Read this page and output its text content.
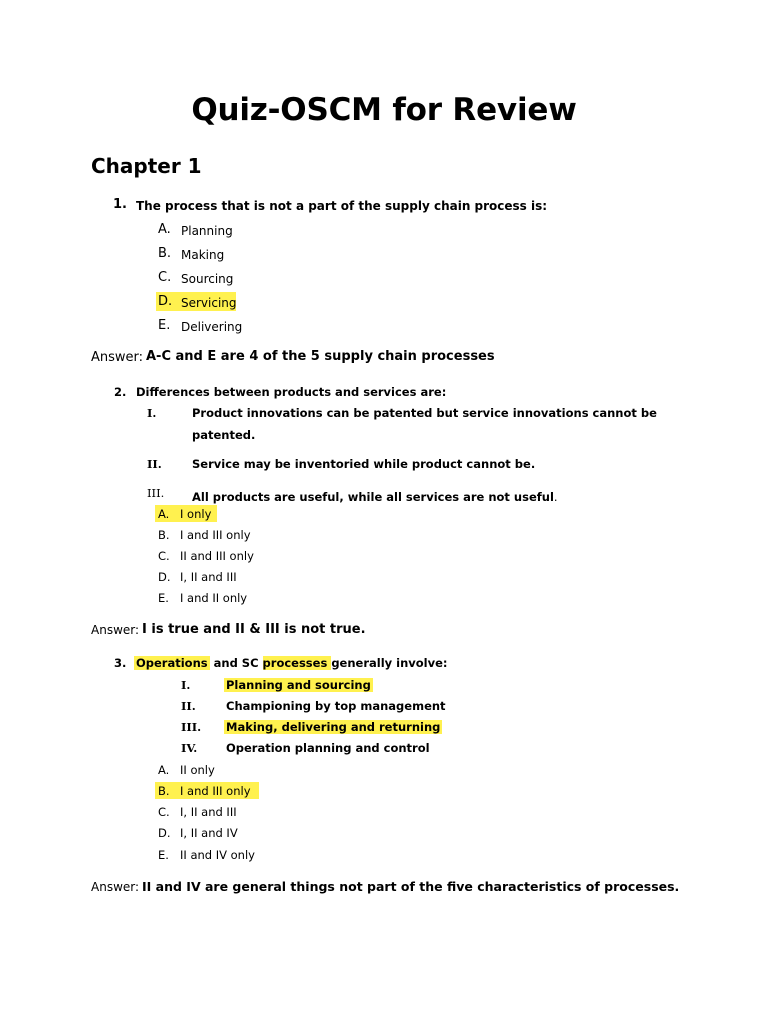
Quiz-OSCM for Review
Chapter 1
1. The process that is not a part of the supply chain process is:
A. Planning
B. Making
C. Sourcing
D. Servicing
E. Delivering
Answer: A-C and E are 4 of the 5 supply chain processes
2. Differences between products and services are:
I.	Product innovations can be patented but service innovations cannot be
patented.
II.	Service may be inventoried while product cannot be.
III. All products are useful, while all services are not useful.
A. I only
B. I and III only
C. II and III only
D. I, II and III
E. I and II only
Answer: I is true and II & III is not true.
3. Operations and SC processes generally involve:
I.	Planning and sourcing
II.	Championing by top management
III. Making, delivering and returning
IV. Operation planning and control
A. II only
B. I and III only
C. I, II and III
D. I, II and IV
E. II and IV only
Answer: II and IV are general things not part of the five characteristics of processes.
